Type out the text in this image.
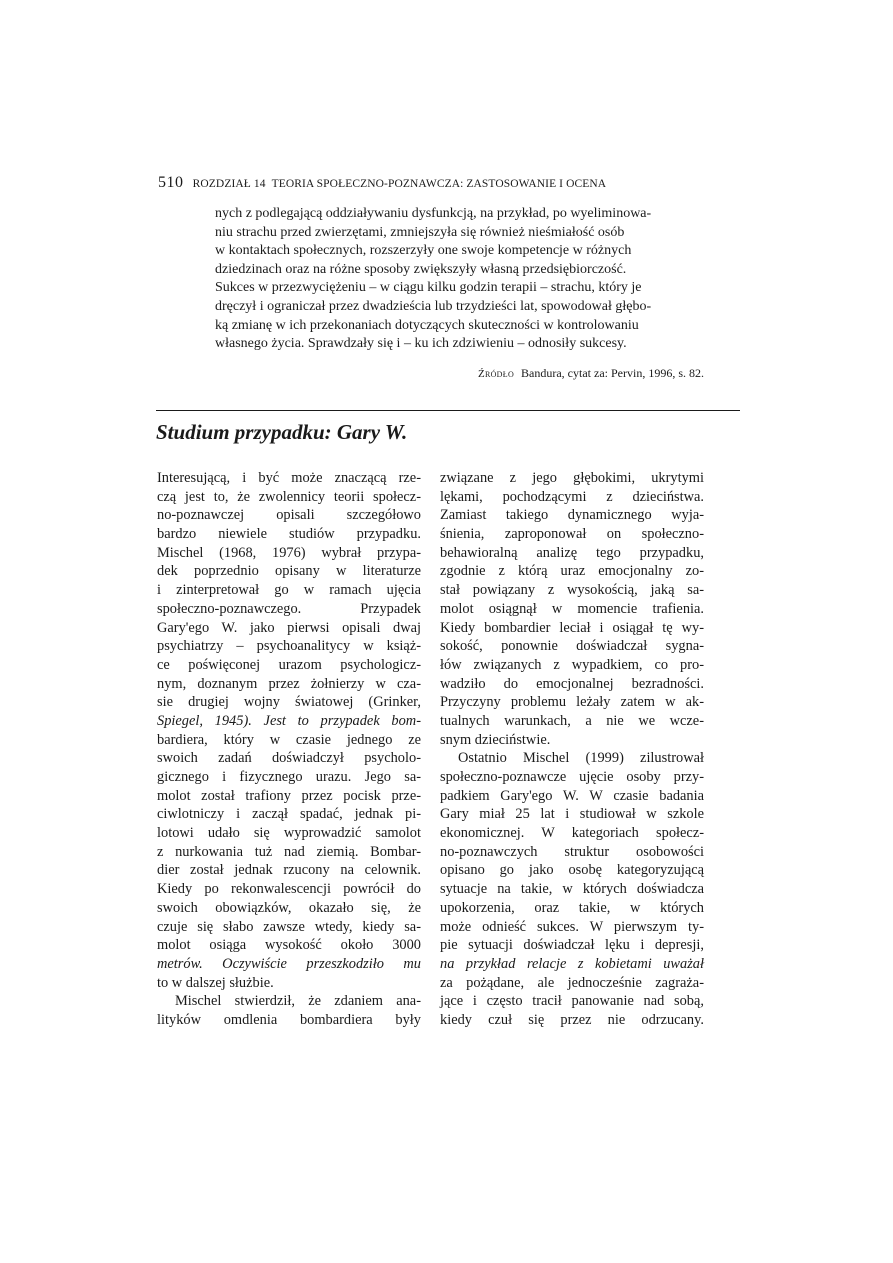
510 ROZDZIAŁ 14 TEORIA SPOŁECZNO-POZNAWCZA: ZASTOSOWANIE I OCENA
nych z podlegającą oddziaływaniu dysfunkcją, na przykład, po wyeliminowa-
niu strachu przed zwierzętami, zmniejszyła się również nieśmiałość osób
w kontaktach społecznych, rozszerzyły one swoje kompetencje w różnych
dziedzinach oraz na różne sposoby zwiększyły własną przedsiębiorczość.
Sukces w przezwyciężeniu – w ciągu kilku godzin terapii – strachu, który je
dręczył i ograniczał przez dwadzieścia lub trzydzieści lat, spowodował głębo-
ką zmianę w ich przekonaniach dotyczących skuteczności w kontrolowaniu
własnego życia. Sprawdzały się i – ku ich zdziwieniu – odnosiły sukcesy.
Źródło Bandura, cytat za: Pervin, 1996, s. 82.
Studium przypadku: Gary W.
Interesującą, i być może znaczącą rze-
czą jest to, że zwolennicy teorii społecz-
no-poznawczej opisali szczegółowo
bardzo niewiele studiów przypadku.
Mischel (1968, 1976) wybrał przypa-
dek poprzednio opisany w literaturze
i zinterpretował go w ramach ujęcia
społeczno-poznawczego. Przypadek
Gary'ego W. jako pierwsi opisali dwaj
psychiatrzy – psychoanalitycy w książ-
ce poświęconej urazom psychologicz-
nym, doznanym przez żołnierzy w cza-
sie drugiej wojny światowej (Grinker,
Spiegel, 1945). Jest to przypadek bom-
bardiera, który w czasie jednego ze
swoich zadań doświadczył psycholo-
gicznego i fizycznego urazu. Jego sa-
molot został trafiony przez pocisk prze-
ciwlotniczy i zaczął spadać, jednak pi-
lotowi udało się wyprowadzić samolot
z nurkowania tuż nad ziemią. Bombar-
dier został jednak rzucony na celownik.
Kiedy po rekonwalescencji powrócił do
swoich obowiązków, okazało się, że
czuje się słabo zawsze wtedy, kiedy sa-
molot osiąga wysokość około 3000
metrów. Oczywiście przeszkodziło mu
to w dalszej służbie.
Mischel stwierdził, że zdaniem ana-
lityków omdlenia bombardiera były
związane z jego głębokimi, ukrytymi
lękami, pochodzącymi z dzieciństwa.
Zamiast takiego dynamicznego wyja-
śnienia, zaproponował on społeczno-
behawioralną analizę tego przypadku,
zgodnie z którą uraz emocjonalny zo-
stał powiązany z wysokością, jaką sa-
molot osiągnął w momencie trafienia.
Kiedy bombardier leciał i osiągał tę wy-
sokość, ponownie doświadczał sygna-
łów związanych z wypadkiem, co pro-
wadziło do emocjonalnej bezradności.
Przyczyny problemu leżały zatem w ak-
tualnych warunkach, a nie we wcze-
snym dzieciństwie.
Ostatnio Mischel (1999) zilustrował
społeczno-poznawcze ujęcie osoby przy-
padkiem Gary'ego W. W czasie badania
Gary miał 25 lat i studiował w szkole
ekonomicznej. W kategoriach społecz-
no-poznawczych struktur osobowości
opisano go jako osobę kategoryzującą
sytuacje na takie, w których doświadcza
upokorzenia, oraz takie, w których
może odnieść sukces. W pierwszym ty-
pie sytuacji doświadczał lęku i depresji,
na przykład relacje z kobietami uważał
za pożądane, ale jednocześnie zagraża-
jące i często tracił panowanie nad sobą,
kiedy czuł się przez nie odrzucany.
